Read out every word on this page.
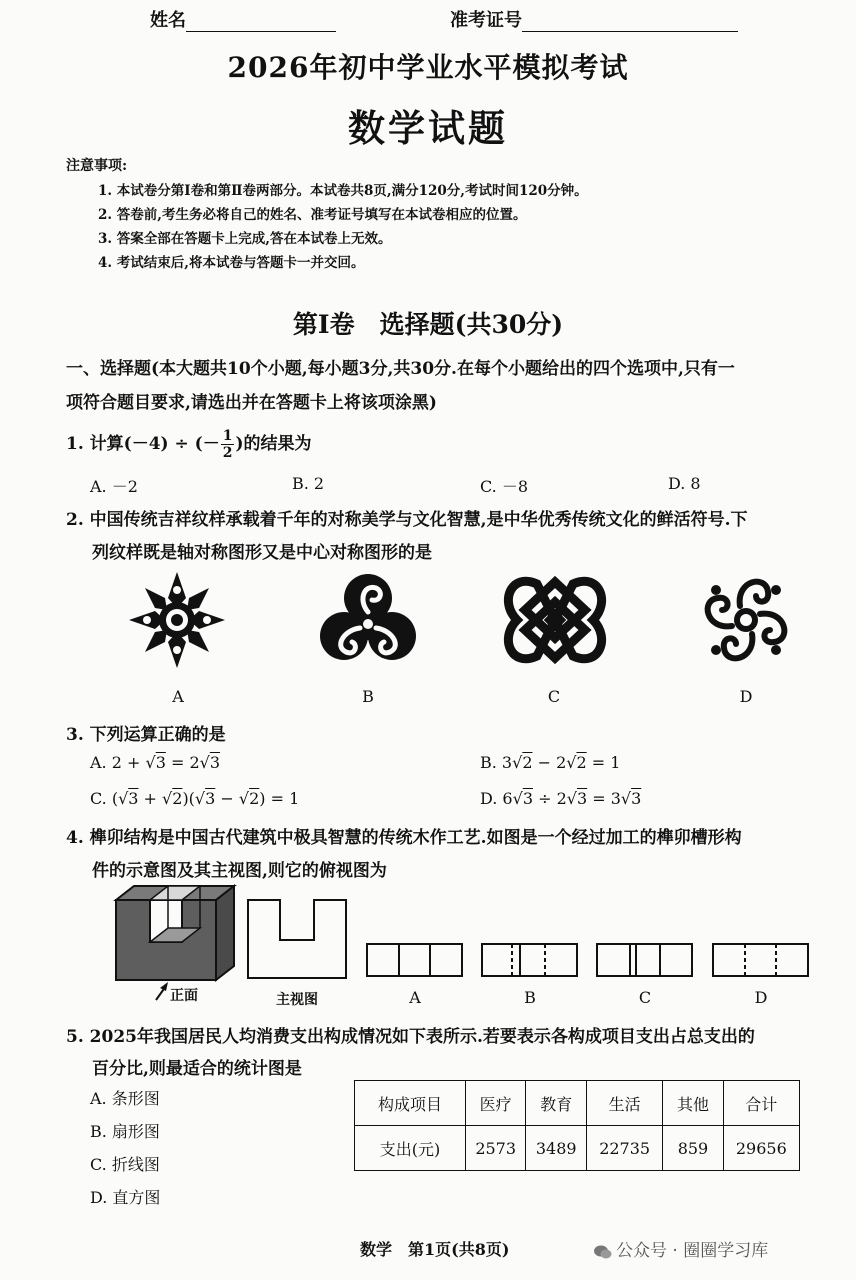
姓名	准考证号
2026年初中学业水平模拟考试
数学试题
注意事项:
1. 本试卷分第Ⅰ卷和第Ⅱ卷两部分。本试卷共8页,满分120分,考试时间120分钟。
2. 答卷前,考生务必将自己的姓名、准考证号填写在本试卷相应的位置。
3. 答案全部在答题卡上完成,答在本试卷上无效。
4. 考试结束后,将本试卷与答题卡一并交回。
第Ⅰ卷　选择题(共30分)
一、选择题(本大题共10个小题,每小题3分,共30分.在每个小题给出的四个选项中,只有一
项符合题目要求,请选出并在答题卡上将该项涂黑)
1. 计算(－4) ÷ (－ $\frac{1}{2}$ )的结果为
A. －2	B. 2	C. －8	D. 8
2. 中国传统吉祥纹样承载着千年的对称美学与文化智慧,是中华优秀传统文化的鲜活符号.下
列纹样既是轴对称图形又是中心对称图形的是
A	B	C	D
3. 下列运算正确的是
A. 2 + √3 = 2√3	B. 3√2 − 2√2 = 1
C. (√3 + √2)(√3 − √2) = 1	D. 6√3 ÷ 2√3 = 3√3
4. 榫卯结构是中国古代建筑中极具智慧的传统木作工艺.如图是一个经过加工的榫卯槽形构
件的示意图及其主视图,则它的俯视图为
正面	主视图	A	B	C	D
5. 2025年我国居民人均消费支出构成情况如下表所示.若要表示各构成项目支出占总支出的
百分比,则最适合的统计图是
A. 条形图
B. 扇形图
C. 折线图
D. 直方图
构成项目	医疗	教育	生活	其他	合计
支出(元)	2573	3489	22735	859	29656
数学　第1页(共8页)	公众号 · 圈圈学习库
